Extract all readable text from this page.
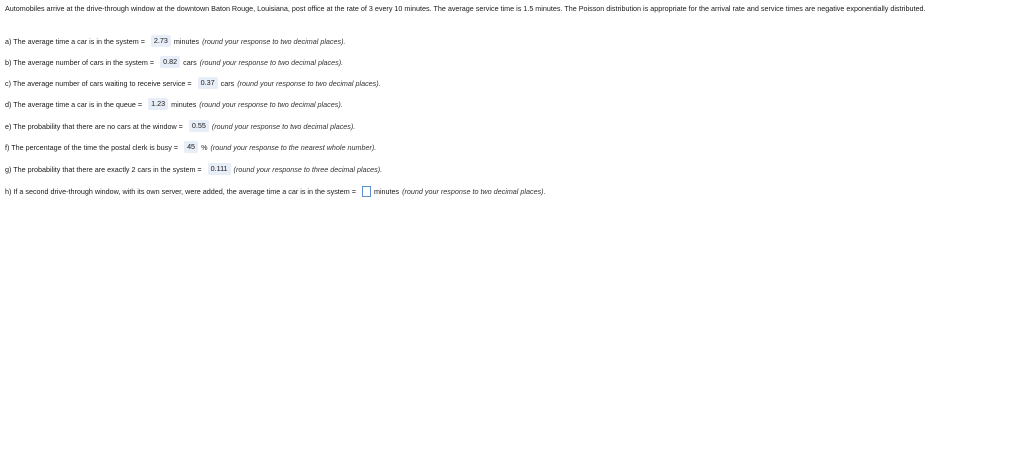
Automobiles arrive at the drive-through window at the downtown Baton Rouge, Louisiana, post office at the rate of 3 every 10 minutes. The average service time is 1.5 minutes. The Poisson distribution is appropriate for the arrival rate and service times are negative exponentially distributed.
a) The average time a car is in the system =	2.73 minutes (round your response to two decimal places).
b) The average number of cars in the system =	0.82 cars (round your response to two decimal places).
c) The average number of cars waiting to receive service =	0.37 cars (round your response to two decimal places).
d) The average time a car is in the queue =	1.23 minutes (round your response to two decimal places).
e) The probability that there are no cars at the window =	0.55 (round your response to two decimal places).
f) The percentage of the time the postal clerk is busy =	45 % (round your response to the nearest whole number).
g) The probability that there are exactly 2 cars in the system =	0.111 (round your response to three decimal places).
h) If a second drive-through window, with its own server, were added, the average time a car is in the system =	minutes (round your response to two decimal places).
